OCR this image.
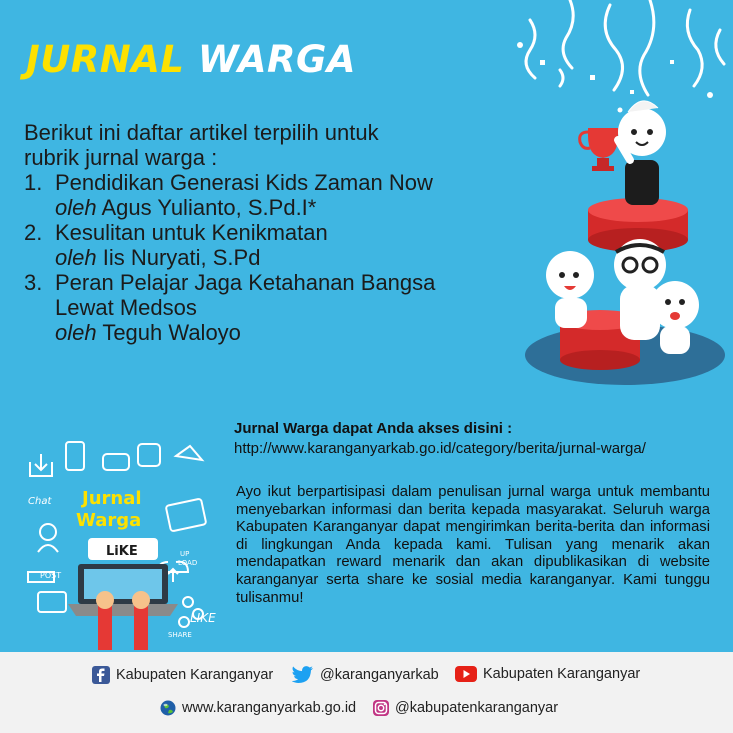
JURNAL WARGA

Berikut ini daftar artikel terpilih untuk

rubrik jurnal warga :

1. Pendidikan Generasi Kids Zaman Now
oleh Agus Yulianto, S.Pd.I*
2. Kesulitan untuk Kenikmatan
oleh Iis Nuryati, S.Pd
3. Peran Pelajar Jaga Ketahanan Bangsa
Lewat Medsos
oleh Teguh Waloyo
Jurnal Warga dapat Anda akses disini :
http://www.karanganyarkab.go.id/category/berita/jurnal-warga/
Ayo ikut berpartisipasi dalam penulisan jurnal warga untuk membantu menyebarkan informasi dan berita kepada masyarakat. Seluruh warga Kabupaten Karanganyar dapat mengirimkan berita-berita dan informasi di lingkungan Anda kepada kami. Tulisan yang menarik akan mendapatkan reward menarik dan akan dipublikasikan di website karanganyar serta share ke sosial media karanganyar. Kami tunggu tulisanmu!
Chat
POST
UP
LOAD
LIKE
SHARE
Jurnal
Warga
LiKE
Kabupaten Karanganyar	@karanganyarkab	Kabupaten Karanganyar
www.karanganyarkab.go.id	@kabupatenkaranganyar
